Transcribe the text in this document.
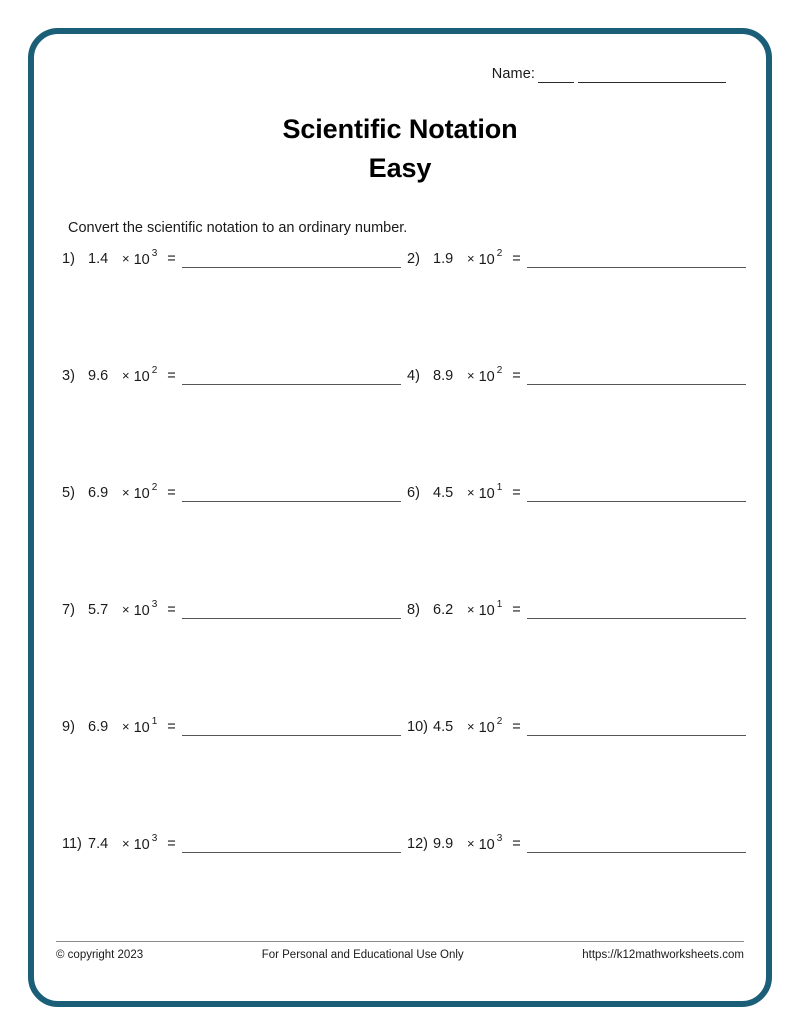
Name:
Scientific Notation
Easy
Convert the scientific notation to an ordinary number.
1) 1.4	× 10 $^3$ =	2) 1.9	× 10 $^2$ =
3) 9.6	× 10 $^2$ =	4) 8.9	× 10 $^2$ =
5) 6.9	× 10 $^2$ =	6) 4.5	× 10 $^1$ =
7) 5.7	× 10 $^3$ =	8) 6.2	× 10 $^1$ =
9) 6.9	× 10 $^1$ =	10) 4.5	× 10 $^2$ =
11) 7.4	× 10 $^3$ =	12) 9.9	× 10 $^3$ =
© copyright 2023	For Personal and Educational Use Only	https://k12mathworksheets.com
